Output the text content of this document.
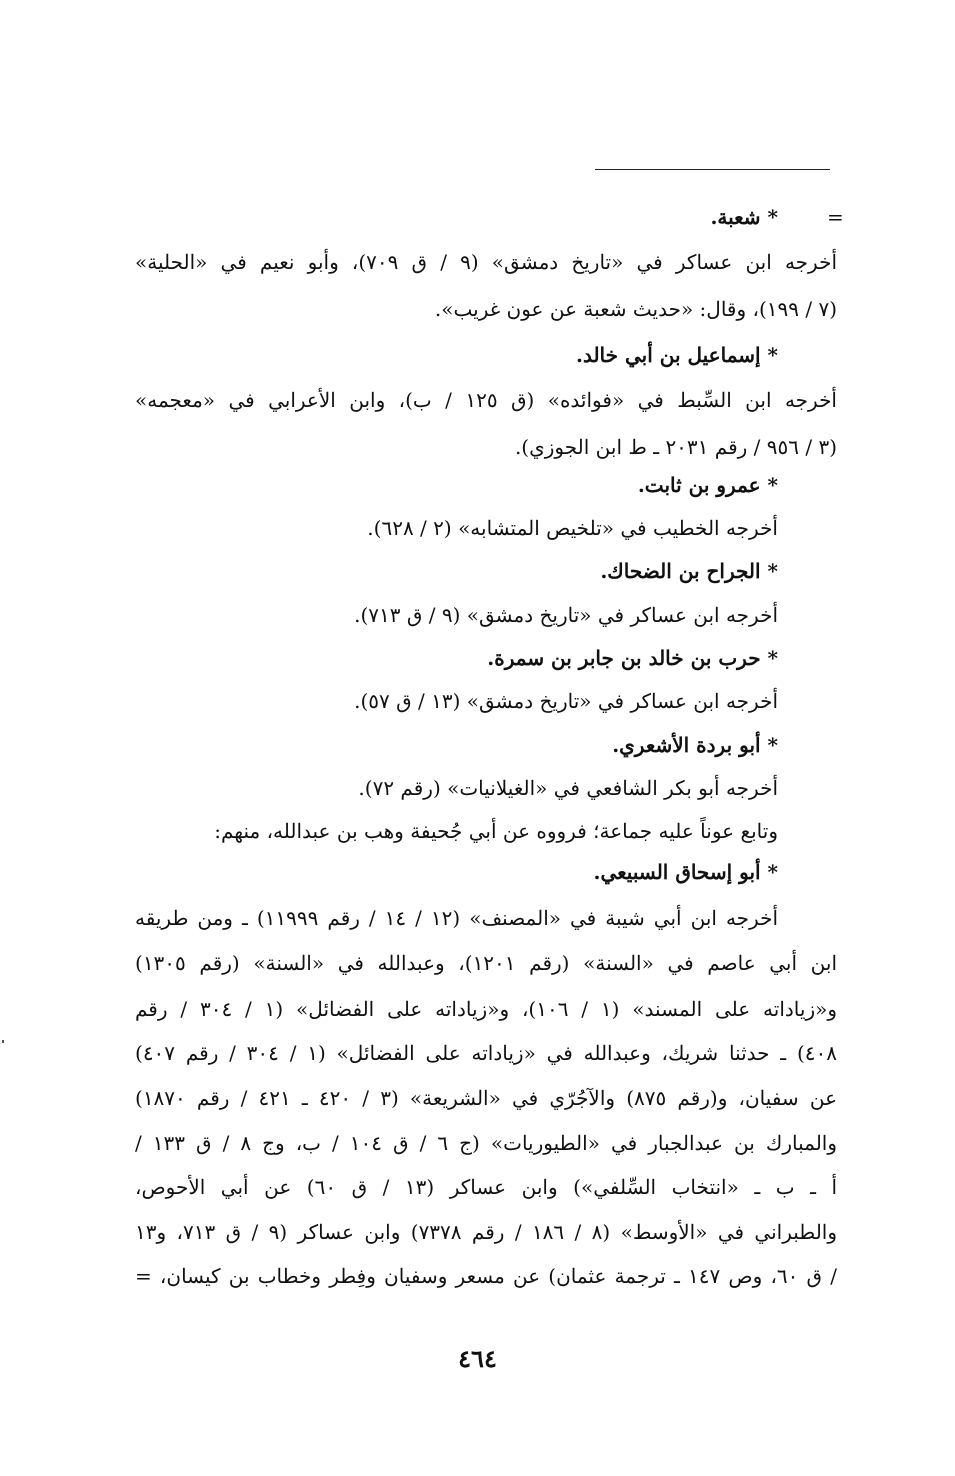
=
* شعبة.
أخرجه ابن عساكر في «تاريخ دمشق» (٩ / ق ٧٠٩)، وأبو نعيم في «الحلية»
(٧ / ١٩٩)، وقال: «حديث شعبة عن عون غريب».
* إسماعيل بن أبي خالد.
أخرجه ابن السِّبط في «فوائده» (ق ١٢٥ / ب)، وابن الأعرابي في «معجمه»
(٣ / ٩٥٦ / رقم ٢٠٣١ ـ ط ابن الجوزي).
* عمرو بن ثابت.
أخرجه الخطيب في «تلخيص المتشابه» (٢ / ٦٢٨).
* الجراح بن الضحاك.
أخرجه ابن عساكر في «تاريخ دمشق» (٩ / ق ٧١٣).
* حرب بن خالد بن جابر بن سمرة.
أخرجه ابن عساكر في «تاريخ دمشق» (١٣ / ق ٥٧).
* أبو بردة الأشعري.
أخرجه أبو بكر الشافعي في «الغيلانيات» (رقم ٧٢).
وتابع عوناً عليه جماعة؛ فرووه عن أبي جُحيفة وهب بن عبدالله، منهم:
* أبو إسحاق السبيعي.
أخرجه ابن أبي شيبة في «المصنف» (١٢ / ١٤ / رقم ١١٩٩٩) ـ ومن طريقه
ابن أبي عاصم في «السنة» (رقم ١٢٠١)، وعبدالله في «السنة» (رقم ١٣٠٥)
و«زياداته على المسند» (١ / ١٠٦)، و«زياداته على الفضائل» (١ / ٣٠٤ / رقم
٤٠٨) ـ حدثنا شريك، وعبدالله في «زياداته على الفضائل» (١ / ٣٠٤ / رقم ٤٠٧)
عن سفيان، و(رقم ٨٧٥) والآجُرّي في «الشريعة» (٣ / ٤٢٠ ـ ٤٢١ / رقم ١٨٧٠)
والمبارك بن عبدالجبار في «الطيوريات» (ج ٦ / ق ١٠٤ / ب، وج ٨ / ق ١٣٣ /
أ ـ ب ـ «انتخاب السِّلفي») وابن عساكر (١٣ / ق ٦٠) عن أبي الأحوص،
والطبراني في «الأوسط» (٨ / ١٨٦ / رقم ٧٣٧٨) وابن عساكر (٩ / ق ٧١٣، و١٣
/ ق ٦٠، وص ١٤٧ ـ ترجمة عثمان) عن مسعر وسفيان وفِطر وخطاب بن كيسان، =
٤٦٤
